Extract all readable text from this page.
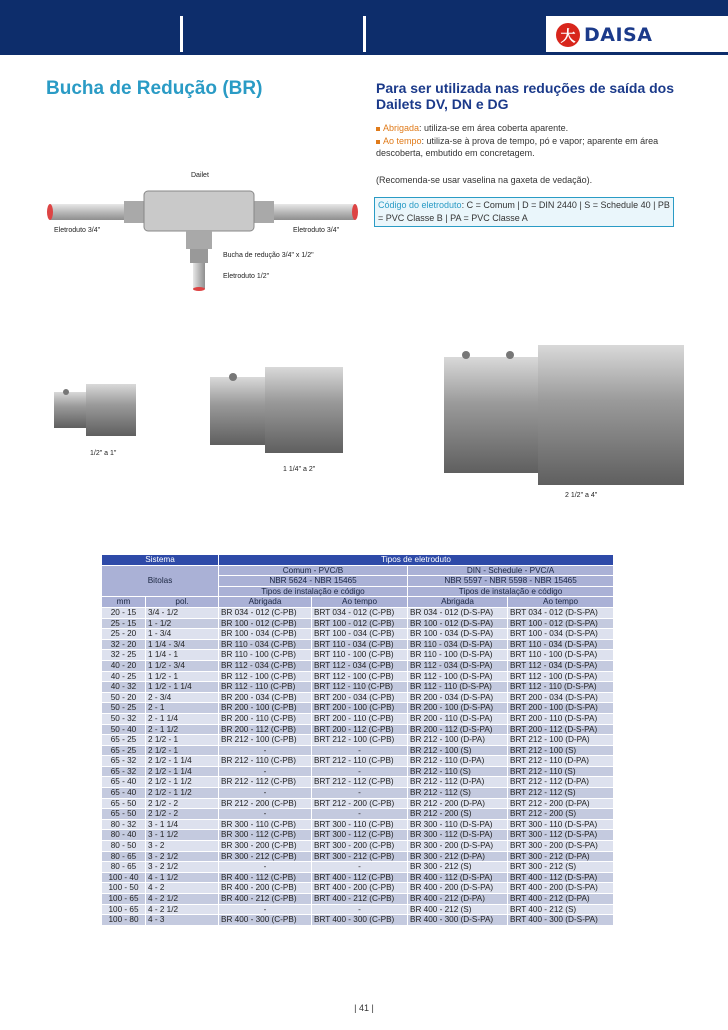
大 DAISA
Bucha de Redução (BR)	Para ser utilizada nas reduções de saída dos Dailets DV, DN e DG
Abrigada: utiliza-se em área coberta aparente.
Ao tempo: utiliza-se à prova de tempo, pó e vapor; aparente em área descoberta, embutido em concretagem.
(Recomenda-se usar vaselina na gaxeta de vedação).
Código do eletroduto: C = Comum | D = DIN 2440 | S = Schedule 40 | PB = PVC Classe B | PA = PVC Classe A
Dailet
Eletroduto 3/4"	Eletroduto 3/4"
Bucha de redução 3/4" x 1/2"
Eletroduto 1/2"
1/2" a 1"
1 1/4" a 2"
2 1/2" a 4"
Sistema		Tipos de eletroduto			
Bitolas		Comum - PVC/B		DIN - Schedule - PVC/A	
		NBR 5624 - NBR 15465		NBR 5597 - NBR 5598 - NBR 15465	
		Tipos de instalação e código		Tipos de instalação e código	
mm	pol.	Abrigada	Ao tempo	Abrigada	Ao tempo
20 - 15	3/4 - 1/2	BR 034 - 012 (C-PB)	BRT 034 - 012 (C-PB)	BR 034 - 012 (D-S-PA)	BRT 034 - 012 (D-S-PA)
25 - 15	1 - 1/2	BR 100 - 012 (C-PB)	BRT 100 - 012 (C-PB)	BR 100 - 012 (D-S-PA)	BRT 100 - 012 (D-S-PA)
25 - 20	1 - 3/4	BR 100 - 034 (C-PB)	BRT 100 - 034 (C-PB)	BR 100 - 034 (D-S-PA)	BRT 100 - 034 (D-S-PA)
32 - 20	1 1/4 - 3/4	BR 110 - 034 (C-PB)	BRT 110 - 034 (C-PB)	BR 110 - 034 (D-S-PA)	BRT 110 - 034 (D-S-PA)
32 - 25	1 1/4 - 1	BR 110 - 100 (C-PB)	BRT 110 - 100 (C-PB)	BR 110 - 100 (D-S-PA)	BRT 110 - 100 (D-S-PA)
40 - 20	1 1/2 - 3/4	BR 112 - 034 (C-PB)	BRT 112 - 034 (C-PB)	BR 112 - 034 (D-S-PA)	BRT 112 - 034 (D-S-PA)
40 - 25	1 1/2 - 1	BR 112 - 100 (C-PB)	BRT 112 - 100 (C-PB)	BR 112 - 100 (D-S-PA)	BRT 112 - 100 (D-S-PA)
40 - 32	1 1/2 - 1 1/4	BR 112 - 110 (C-PB)	BRT 112 - 110 (C-PB)	BR 112 - 110 (D-S-PA)	BRT 112 - 110 (D-S-PA)
50 - 20	2 - 3/4	BR 200 - 034 (C-PB)	BRT 200 - 034 (C-PB)	BR 200 - 034 (D-S-PA)	BRT 200 - 034 (D-S-PA)
50 - 25	2 - 1	BR 200 - 100 (C-PB)	BRT 200 - 100 (C-PB)	BR 200 - 100 (D-S-PA)	BRT 200 - 100 (D-S-PA)
50 - 32	2 - 1 1/4	BR 200 - 110 (C-PB)	BRT 200 - 110 (C-PB)	BR 200 - 110 (D-S-PA)	BRT 200 - 110 (D-S-PA)
50 - 40	2 - 1 1/2	BR 200 - 112 (C-PB)	BRT 200 - 112 (C-PB)	BR 200 - 112 (D-S-PA)	BRT 200 - 112 (D-S-PA)
65 - 25	2 1/2 - 1	BR 212 - 100 (C-PB)	BRT 212 - 100 (C-PB)	BR 212 - 100 (D-PA)	BRT 212 - 100 (D-PA)
65 - 25	2 1/2 - 1	-	-	BR 212 - 100 (S)	BRT 212 - 100 (S)
65 - 32	2 1/2 - 1 1/4	BR 212 - 110 (C-PB)	BRT 212 - 110 (C-PB)	BR 212 - 110 (D-PA)	BRT 212 - 110 (D-PA)
65 - 32	2 1/2 - 1 1/4	-	-	BR 212 - 110 (S)	BRT 212 - 110 (S)
65 - 40	2 1/2 - 1 1/2	BR 212 - 112 (C-PB)	BRT 212 - 112 (C-PB)	BR 212 - 112 (D-PA)	BRT 212 - 112 (D-PA)
65 - 40	2 1/2 - 1 1/2	-	-	BR 212 - 112 (S)	BRT 212 - 112 (S)
65 - 50	2 1/2 - 2	BR 212 - 200 (C-PB)	BRT 212 - 200 (C-PB)	BR 212 - 200 (D-PA)	BRT 212 - 200 (D-PA)
65 - 50	2 1/2 - 2	-	-	BR 212 - 200 (S)	BRT 212 - 200 (S)
80 - 32	3 - 1 1/4	BR 300 - 110 (C-PB)	BRT 300 - 110 (C-PB)	BR 300 - 110 (D-S-PA)	BRT 300 - 110 (D-S-PA)
80 - 40	3 - 1 1/2	BR 300 - 112 (C-PB)	BRT 300 - 112 (C-PB)	BR 300 - 112 (D-S-PA)	BRT 300 - 112 (D-S-PA)
80 - 50	3 - 2	BR 300 - 200 (C-PB)	BRT 300 - 200 (C-PB)	BR 300 - 200 (D-S-PA)	BRT 300 - 200 (D-S-PA)
80 - 65	3 - 2 1/2	BR 300 - 212 (C-PB)	BRT 300 - 212 (C-PB)	BR 300 - 212 (D-PA)	BRT 300 - 212 (D-PA)
80 - 65	3 - 2 1/2	-	-	BR 300 - 212 (S)	BRT 300 - 212 (S)
100 - 40	4 - 1 1/2	BR 400 - 112 (C-PB)	BRT 400 - 112 (C-PB)	BR 400 - 112 (D-S-PA)	BRT 400 - 112 (D-S-PA)
100 - 50	4 - 2	BR 400 - 200 (C-PB)	BRT 400 - 200 (C-PB)	BR 400 - 200 (D-S-PA)	BRT 400 - 200 (D-S-PA)
100 - 65	4 - 2 1/2	BR 400 - 212 (C-PB)	BRT 400 - 212 (C-PB)	BR 400 - 212 (D-PA)	BRT 400 - 212 (D-PA)
100 - 65	4 - 2 1/2	-	-	BR 400 - 212 (S)	BRT 400 - 212 (S)
100 - 80	4 - 3	BR 400 - 300 (C-PB)	BRT 400 - 300 (C-PB)	BR 400 - 300 (D-S-PA)	BRT 400 - 300 (D-S-PA)
| 41 |
